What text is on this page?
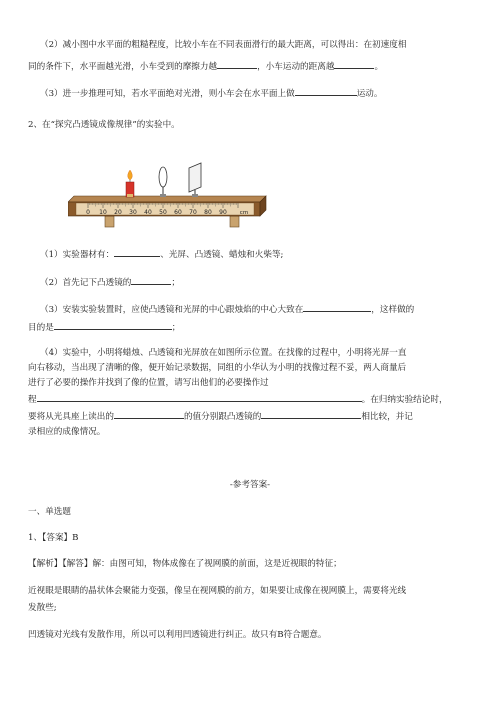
（2）减小图中水平面的粗糙程度，比较小车在不同表面滑行的最大距离，可以得出：在初速度相
同的条件下，水平面越光滑，小车受到的摩擦力越	，小车运动的距离越	。
（3）进一步推理可知，若水平面绝对光滑，则小车会在水平面上做	运动。
2、在“探究凸透镜成像规律”的实验中。
0 10 20 30 40 50 60 70 80 90 cm
（1）实验器材有：	、光屏、凸透镜、蜡烛和火柴等;
（2）首先记下凸透镜的	；
（3）安装实验装置时，应使凸透镜和光屏的中心跟烛焰的中心大致在	，这样做的
目的是	；
（4）实验中，小明将蜡烛、凸透镜和光屏放在如图所示位置。在找像的过程中，小明将光屏一直
向右移动，当出现了清晰的像，便开始记录数据，同组的小华认为小明的找像过程不妥，两人商量后
进行了必要的操作并找到了像的位置，请写出他们的必要操作过
程	。在归纳实验结论时，
要将从光具座上读出的	的值分别跟凸透镜的	相比较，并记
录相应的成像情况。
-参考答案-
一、单选题
1、【答案】B
【解析】【解答】解：由图可知，物体成像在了视网膜的前面，这是近视眼的特征；
近视眼是眼睛的晶状体会聚能力变强，像呈在视网膜的前方，如果要让成像在视网膜上，需要将光线
发散些;
凹透镜对光线有发散作用，所以可以利用凹透镜进行纠正。故只有B符合题意。
